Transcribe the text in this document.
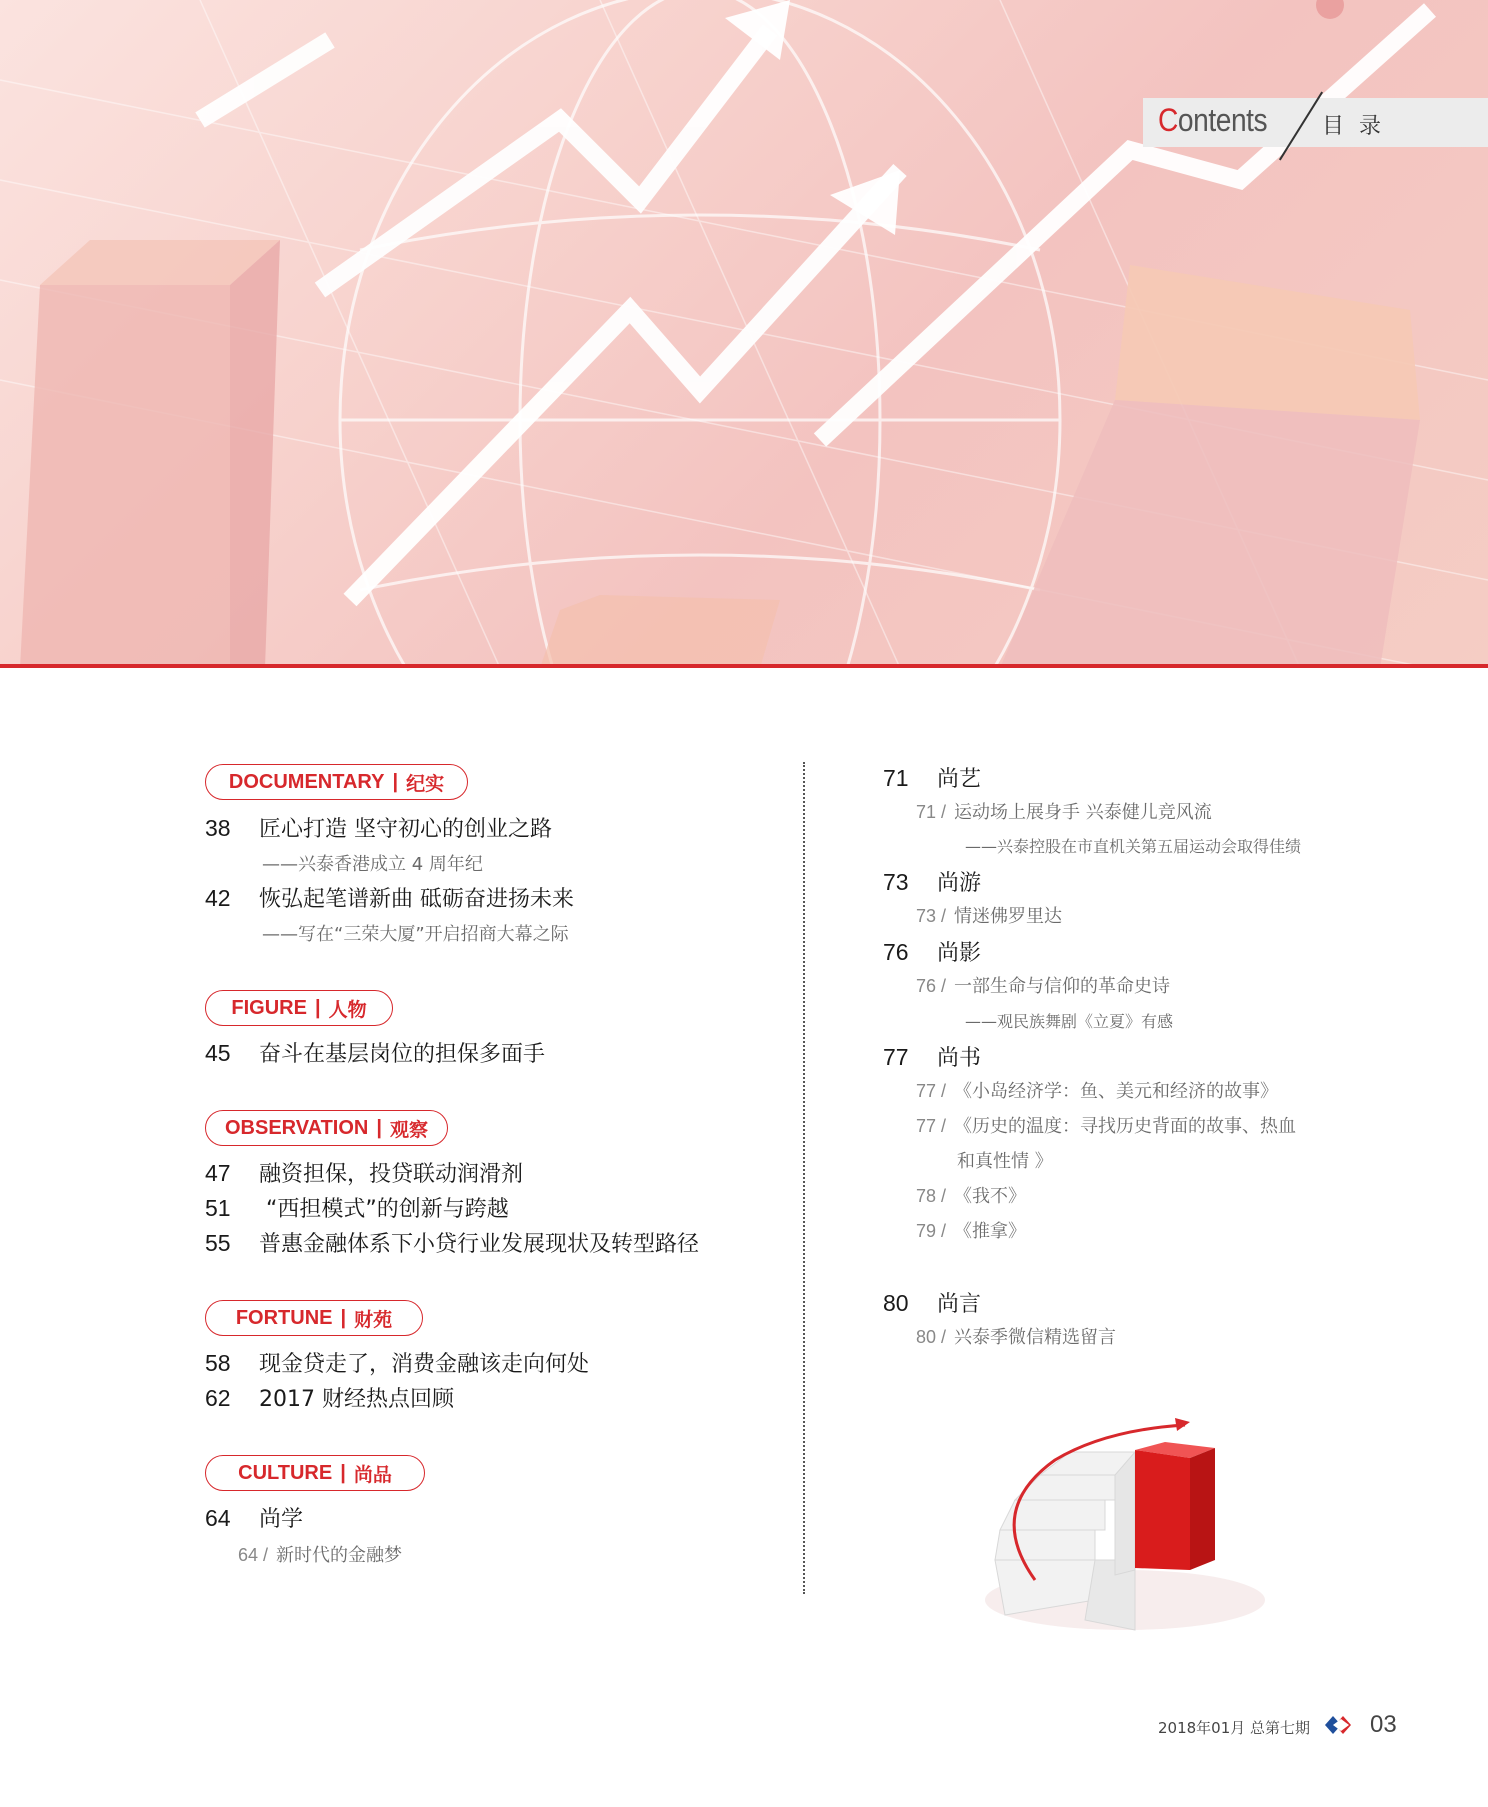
Contents 目 录
DOCUMENTARY | 纪实
38 匠心打造 坚守初心的创业之路
——兴泰香港成立 4 周年纪
42 恢弘起笔谱新曲 砥砺奋进扬未来
——写在“三荣大厦”开启招商大幕之际
FIGURE | 人物
45 奋斗在基层岗位的担保多面手
OBSERVATION | 观察
47 融资担保，投贷联动润滑剂
51 “西担模式”的创新与跨越
55 普惠金融体系下小贷行业发展现状及转型路径
FORTUNE | 财苑
58 现金贷走了，消费金融该走向何处
62 2017 财经热点回顾
CULTURE | 尚品
64 尚学
64 / 新时代的金融梦
71 尚艺
71 / 运动场上展身手 兴泰健儿竞风流
——兴泰控股在市直机关第五届运动会取得佳绩
73 尚游
73 / 情迷佛罗里达
76 尚影
76 / 一部生命与信仰的革命史诗
——观民族舞剧《立夏》有感
77 尚书
77 / 《小岛经济学：鱼、美元和经济的故事》
77 / 《历史的温度：寻找历史背面的故事、热血
和真性情 》
78 / 《我不》
79 / 《推拿》
80 尚言
80 / 兴泰季微信精选留言
2018年01月 总第七期 03
